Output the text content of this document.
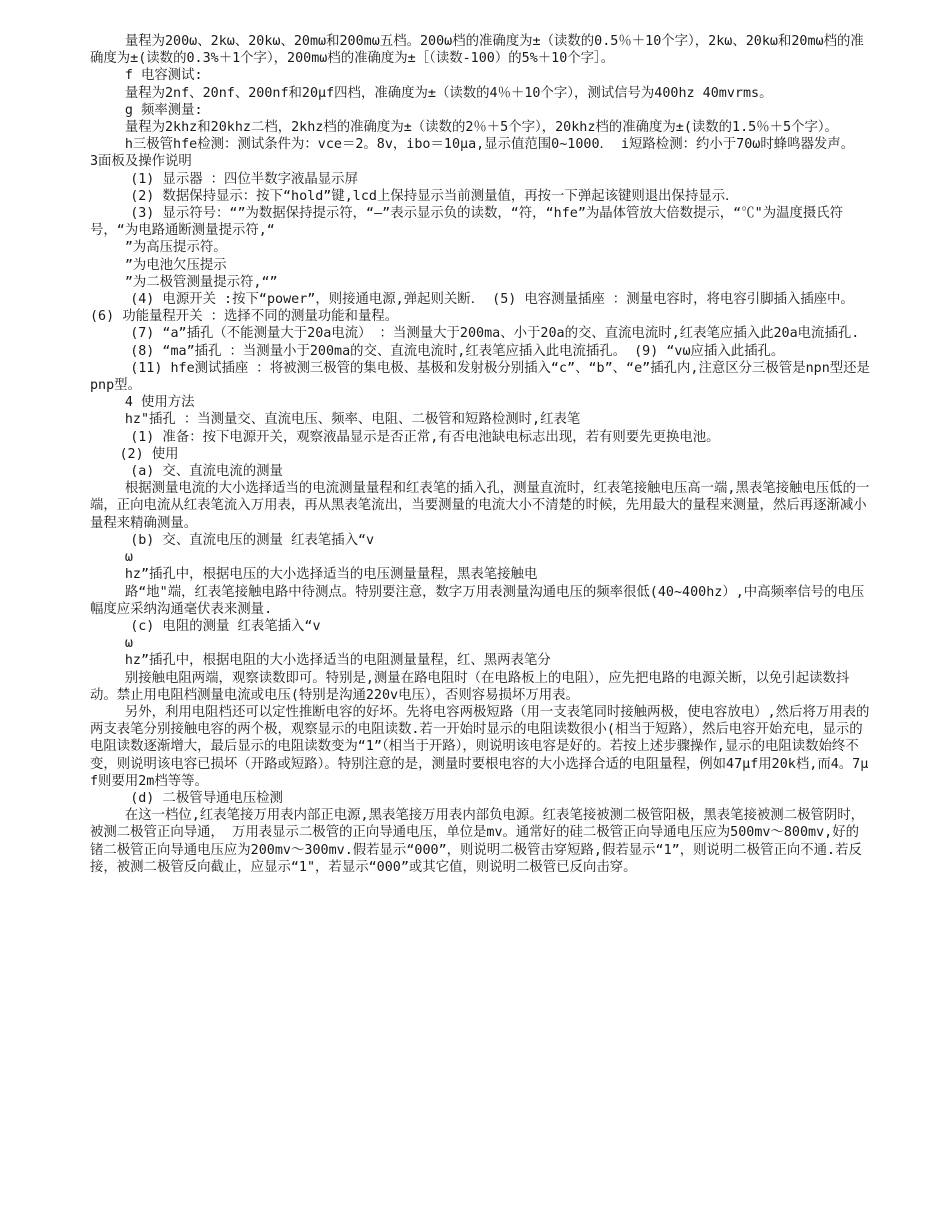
量程为200ω、2kω、20kω、20mω和200mω五档。200ω档的准确度为±（读数的0.5％＋10个字），2kω、20kω和20mω档的准确度为±(读数的0.3%＋1个字），200mω档的准确度为±［（读数-100）的5%＋10个字］。

f 电容测试:

量程为2nf、20nf、200nf和20μf四档，准确度为±（读数的4％＋10个字），测试信号为400hz 40mvrms。

g 频率测量:

量程为2khz和20khz二档，2khz档的准确度为±（读数的2％＋5个字），20khz档的准确度为±(读数的1.5％＋5个字）。

h三极管hfe检测：测试条件为：vce＝2。8v，ibo＝10μa,显示值范围0~1000． i短路检测：约小于70ω时蜂鸣器发声。 3面板及操作说明

(1) 显示器 ：四位半数字液晶显示屏

(2) 数据保持显示：按下“hold”键,lcd上保持显示当前测量值，再按一下弹起该键则退出保持显示．

(3) 显示符号：“”为数据保持提示符，“—”表示显示负的读数，“符，“hfe”为晶体管放大倍数提示，“℃"为温度摄氏符号，“为电路通断测量提示符,“

”为高压提示符。

”为电池欠压提示

”为二极管测量提示符,“”

(4) 电源开关 :按下“power”，则接通电源,弹起则关断． (5) 电容测量插座 ：测量电容时，将电容引脚插入插座中。 (6) 功能量程开关 ：选择不同的测量功能和量程。

(7) “a”插孔（不能测量大于20a电流） ：当测量大于200ma、小于20a的交、直流电流时,红表笔应插入此20a电流插孔.

(8) “ma”插孔 ：当测量小于200ma的交、直流电流时,红表笔应插入此电流插孔。 (9) “vω应插入此插孔。

(11) hfe测试插座 ：将被测三极管的集电极、基极和发射极分别插入“c”、“b”、“e”插孔内,注意区分三极管是npn型还是pnp型。

4 使用方法

hz"插孔 ：当测量交、直流电压、频率、电阻、二极管和短路检测时,红表笔

(1) 准备：按下电源开关，观察液晶显示是否正常,有否电池缺电标志出现，若有则要先更换电池。

(2) 使用

(a) 交、直流电流的测量

根据测量电流的大小选择适当的电流测量量程和红表笔的插入孔，测量直流时，红表笔接触电压高一端,黑表笔接触电压低的一端，正向电流从红表笔流入万用表，再从黑表笔流出，当要测量的电流大小不清楚的时候，先用最大的量程来测量，然后再逐渐减小量程来精确测量。

(b) 交、直流电压的测量 红表笔插入“v

ω

hz”插孔中，根据电压的大小选择适当的电压测量量程，黑表笔接触电

路“地"端，红表笔接触电路中待测点。特别要注意，数字万用表测量沟通电压的频率很低(40~400hz）,中高频率信号的电压幅度应采纳沟通毫伏表来测量.

(c) 电阻的测量 红表笔插入“v

ω

hz”插孔中，根据电阻的大小选择适当的电阻测量量程，红、黑两表笔分

别接触电阻两端，观察读数即可。特别是,测量在路电阻时（在电路板上的电阻），应先把电路的电源关断，以免引起读数抖动。禁止用电阻档测量电流或电压(特别是沟通220v电压），否则容易损坏万用表。

另外，利用电阻档还可以定性推断电容的好坏。先将电容两极短路（用一支表笔同时接触两极，使电容放电）,然后将万用表的两支表笔分别接触电容的两个极，观察显示的电阻读数.若一开始时显示的电阻读数很小(相当于短路），然后电容开始充电，显示的电阻读数逐渐增大，最后显示的电阻读数变为“1”（相当于开路），则说明该电容是好的。若按上述步骤操作,显示的电阻读数始终不变，则说明该电容已损坏（开路或短路）。特别注意的是，测量时要根电容的大小选择合适的电阻量程，例如47μf用20k档,而4。7μf则要用2m档等等。

(d) 二极管导通电压检测

在这一档位,红表笔接万用表内部正电源,黑表笔接万用表内部负电源。红表笔接被测二极管阳极，黑表笔接被测二极管阴时，被测二极管正向导通， 万用表显示二极管的正向导通电压，单位是mv。通常好的硅二极管正向导通电压应为500mv～800mv,好的锗二极管正向导通电压应为200mv～300mv.假若显示“000”，则说明二极管击穿短路,假若显示“1”，则说明二极管正向不通.若反接，被测二极管反向截止，应显示“1"，若显示“000”或其它值，则说明二极管已反向击穿。
